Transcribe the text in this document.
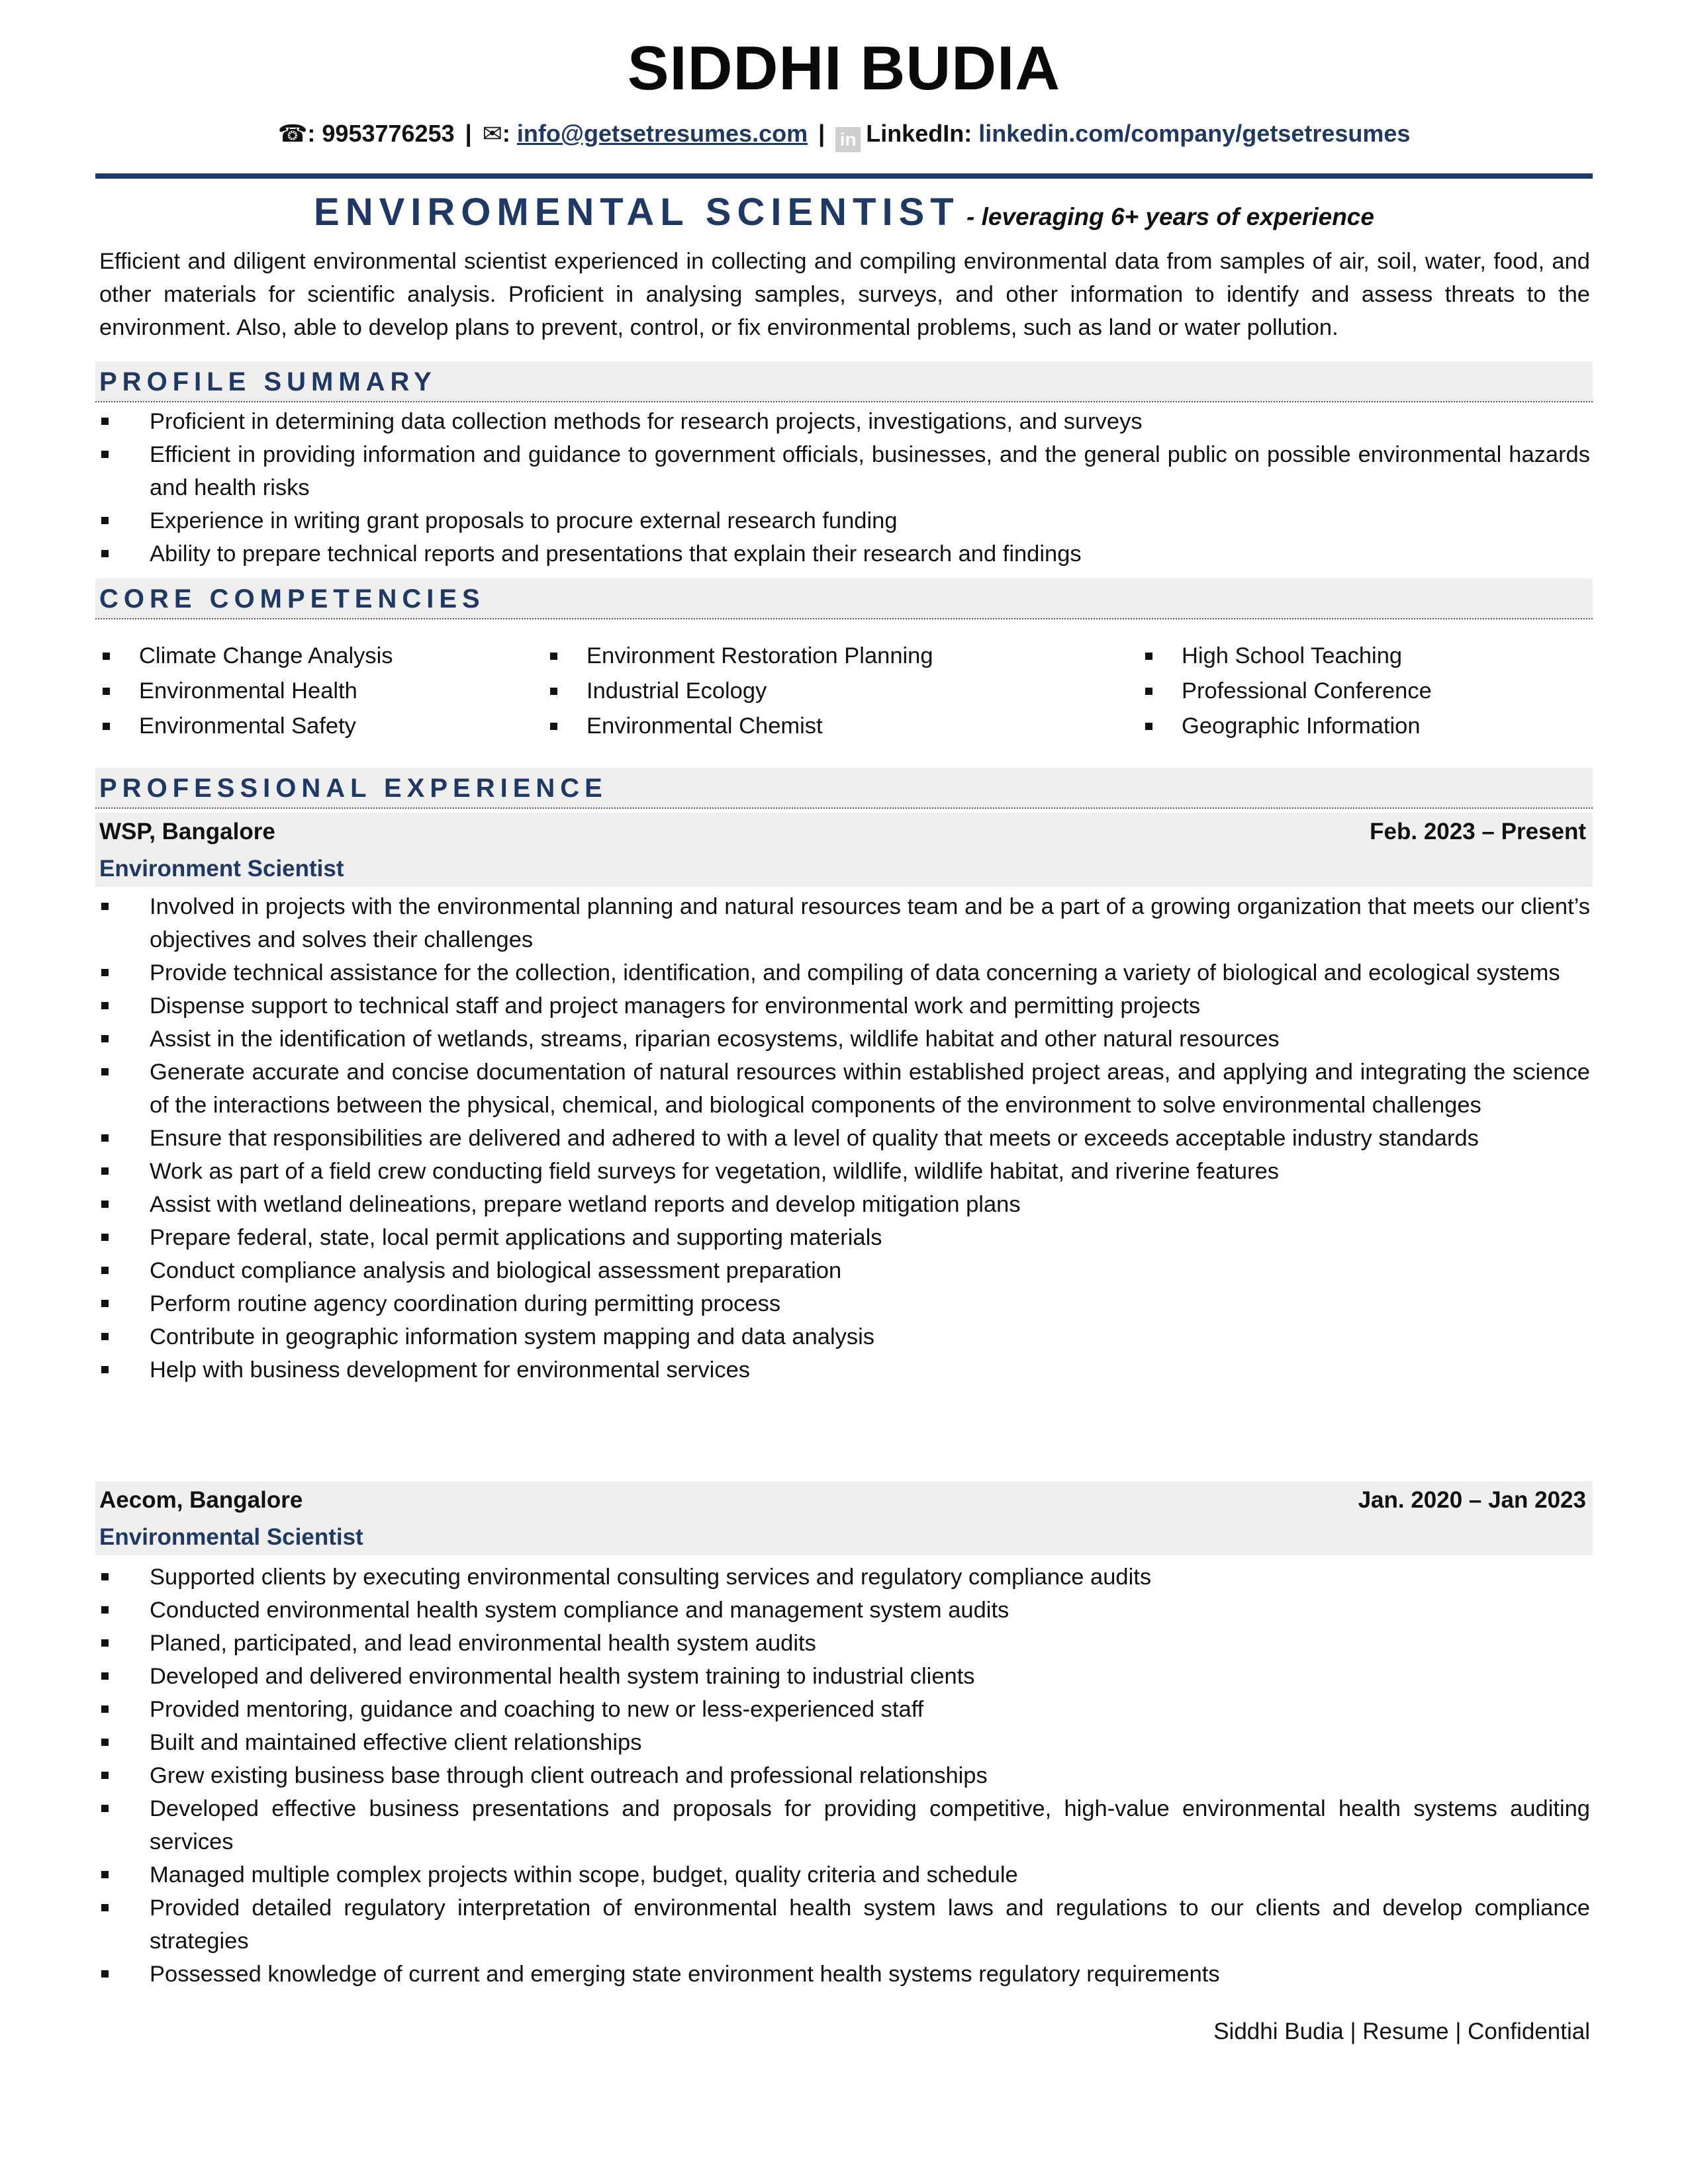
SIDDHI BUDIA
☎: 9953776253 | ✉: info@getsetresumes.com | in LinkedIn: linkedin.com/company/getsetresumes
ENVIROMENTAL SCIENTIST - leveraging 6+ years of experience

Efficient and diligent environmental scientist experienced in collecting and compiling environmental data from samples of air, soil, water, food, and other materials for scientific analysis. Proficient in analysing samples, surveys, and other information to identify and assess threats to the environment. Also, able to develop plans to prevent, control, or fix environmental problems, such as land or water pollution.

PROFILE SUMMARY
Proficient in determining data collection methods for research projects, investigations, and surveys
Efficient in providing information and guidance to government officials, businesses, and the general public on possible environmental hazards and health risks
Experience in writing grant proposals to procure external research funding
Ability to prepare technical reports and presentations that explain their research and findings
CORE COMPETENCIES
Climate Change Analysis
Environmental Health
Environmental Safety
Environment Restoration Planning
Industrial Ecology
Environmental Chemist
High School Teaching
Professional Conference
Geographic Information
PROFESSIONAL EXPERIENCE
WSP, Bangalore	Feb. 2023 – Present
Environment Scientist
Involved in projects with the environmental planning and natural resources team and be a part of a growing organization that meets our client’s objectives and solves their challenges
Provide technical assistance for the collection, identification, and compiling of data concerning a variety of biological and ecological systems
Dispense support to technical staff and project managers for environmental work and permitting projects
Assist in the identification of wetlands, streams, riparian ecosystems, wildlife habitat and other natural resources
Generate accurate and concise documentation of natural resources within established project areas, and applying and integrating the science of the interactions between the physical, chemical, and biological components of the environment to solve environmental challenges
Ensure that responsibilities are delivered and adhered to with a level of quality that meets or exceeds acceptable industry standards
Work as part of a field crew conducting field surveys for vegetation, wildlife, wildlife habitat, and riverine features
Assist with wetland delineations, prepare wetland reports and develop mitigation plans
Prepare federal, state, local permit applications and supporting materials
Conduct compliance analysis and biological assessment preparation
Perform routine agency coordination during permitting process
Contribute in geographic information system mapping and data analysis
Help with business development for environmental services
Aecom, Bangalore	Jan. 2020 – Jan 2023
Environmental Scientist
Supported clients by executing environmental consulting services and regulatory compliance audits
Conducted environmental health system compliance and management system audits
Planed, participated, and lead environmental health system audits
Developed and delivered environmental health system training to industrial clients
Provided mentoring, guidance and coaching to new or less-experienced staff
Built and maintained effective client relationships
Grew existing business base through client outreach and professional relationships
Developed effective business presentations and proposals for providing competitive, high-value environmental health systems auditing services
Managed multiple complex projects within scope, budget, quality criteria and schedule
Provided detailed regulatory interpretation of environmental health system laws and regulations to our clients and develop compliance strategies
Possessed knowledge of current and emerging state environment health systems regulatory requirements
Siddhi Budia | Resume | Confidential
